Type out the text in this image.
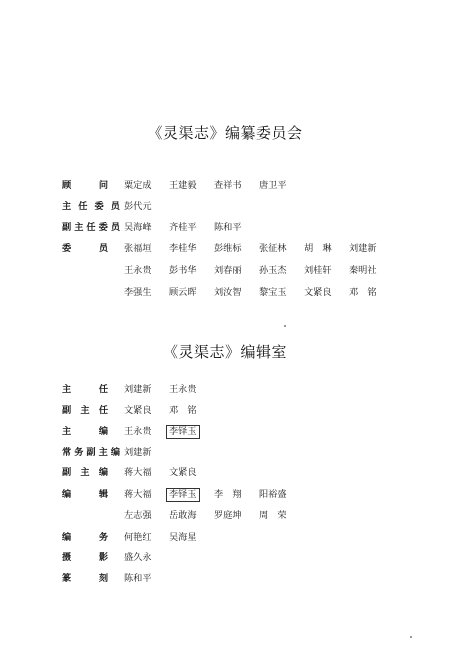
《灵渠志》编纂委员会
顾	问 粟定成 王建毅 查祥书 唐卫平
主 任 委 员 彭代元
副 主 任 委 员 吴海峰 齐桂平 陈和平
委	员 张福垣 李桂华 彭维标 张征林 胡　琳 刘建新
王永贵 彭书华 刘春丽 孙玉杰 刘桂轩 秦明社
李强生 顾云晖 刘汝智 黎宝玉 文紧良 邓　铭
《灵渠志》编辑室
主	任 刘建新 王永贵
副 主 任 文紧良 邓　铭
主	编 王永贵 李铎玉
常 务 副 主 编 刘建新
副 主 编 蒋大福 文紧良
编	辑 蒋大福 李铎玉 李　翔 阳裕盛
左志强 岳敢海 罗庭坤 周　荣
编	务 何艳红 吴海星
摄	影 盛久永
篆	刻 陈和平
